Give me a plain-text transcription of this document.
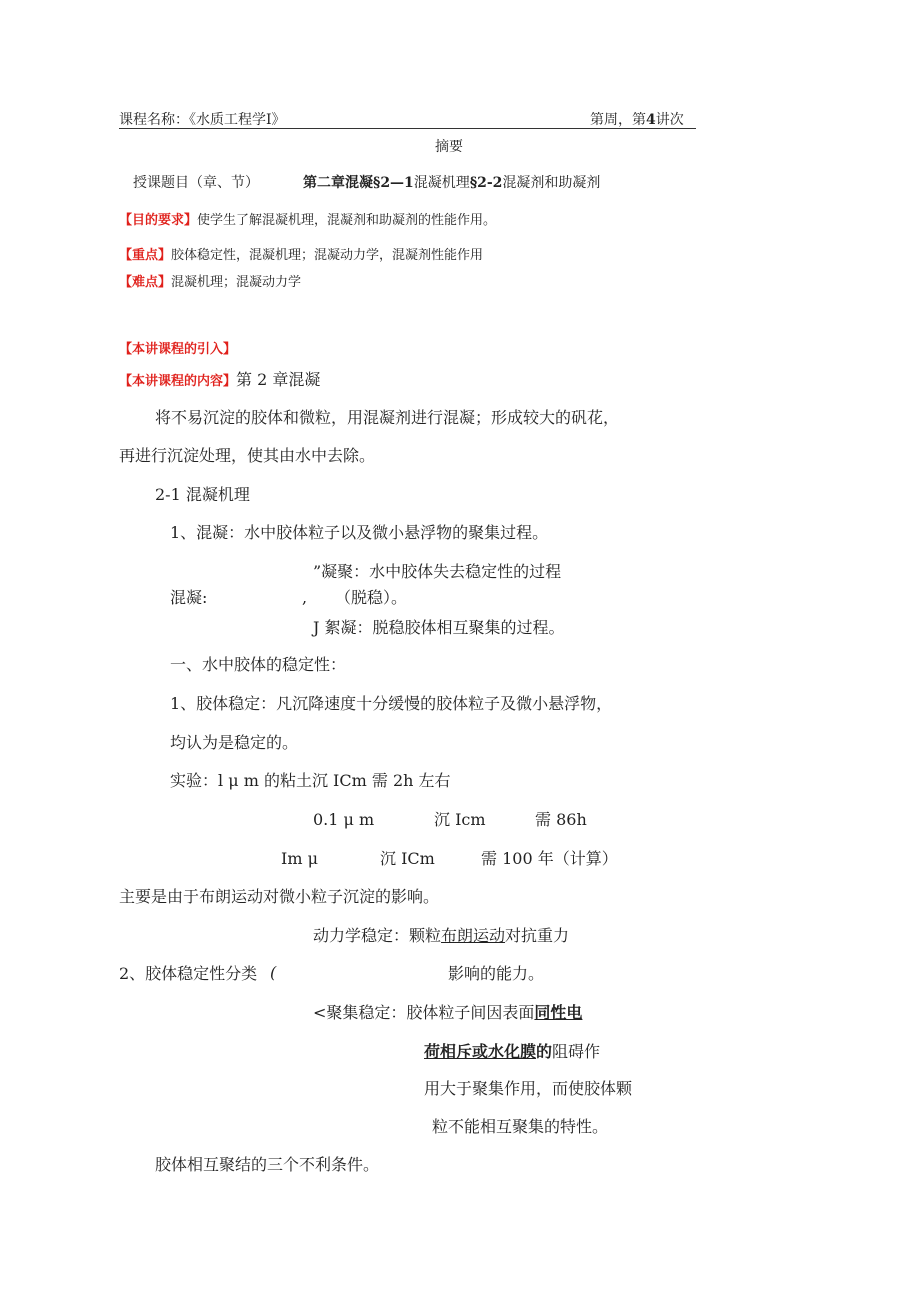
课程名称：《水质工程学Ⅰ》	第周，第4讲次
摘要
授课题目（章、节）	第二章混凝§2—1混凝机理§2-2混凝剂和助凝剂
【目的要求】使学生了解混凝机理，混凝剂和助凝剂的性能作用。
【重点】胶体稳定性，混凝机理；混凝动力学，混凝剂性能作用
【难点】混凝机理；混凝动力学
【本讲课程的引入】
【本讲课程的内容】第 2 章混凝
将不易沉淀的胶体和微粒，用混凝剂进行混凝；形成较大的矾花，
再进行沉淀处理，使其由水中去除。
2-1 混凝机理
1、混凝：水中胶体粒子以及微小悬浮物的聚集过程。
”凝聚：水中胶体失去稳定性的过程
混凝:	, （脱稳）。
J 絮凝：脱稳胶体相互聚集的过程。
一、水中胶体的稳定性：
1、胶体稳定：凡沉降速度十分缓慢的胶体粒子及微小悬浮物，
均认为是稳定的。
实验：l μ m 的粘土沉 ICm 需 2h 左右
0.1 μ m	沉 Icm	需 86h
Im μ	沉 ICm	需 100 年（计算）
主要是由于布朗运动对微小粒子沉淀的影响。
动力学稳定：颗粒布朗运动对抗重力
2、胶体稳定性分类 (	影响的能力。
<聚集稳定：胶体粒子间因表面同性电
荷相斥或水化膜的阻碍作
用大于聚集作用，而使胶体颗
粒不能相互聚集的特性。
胶体相互聚结的三个不利条件。
